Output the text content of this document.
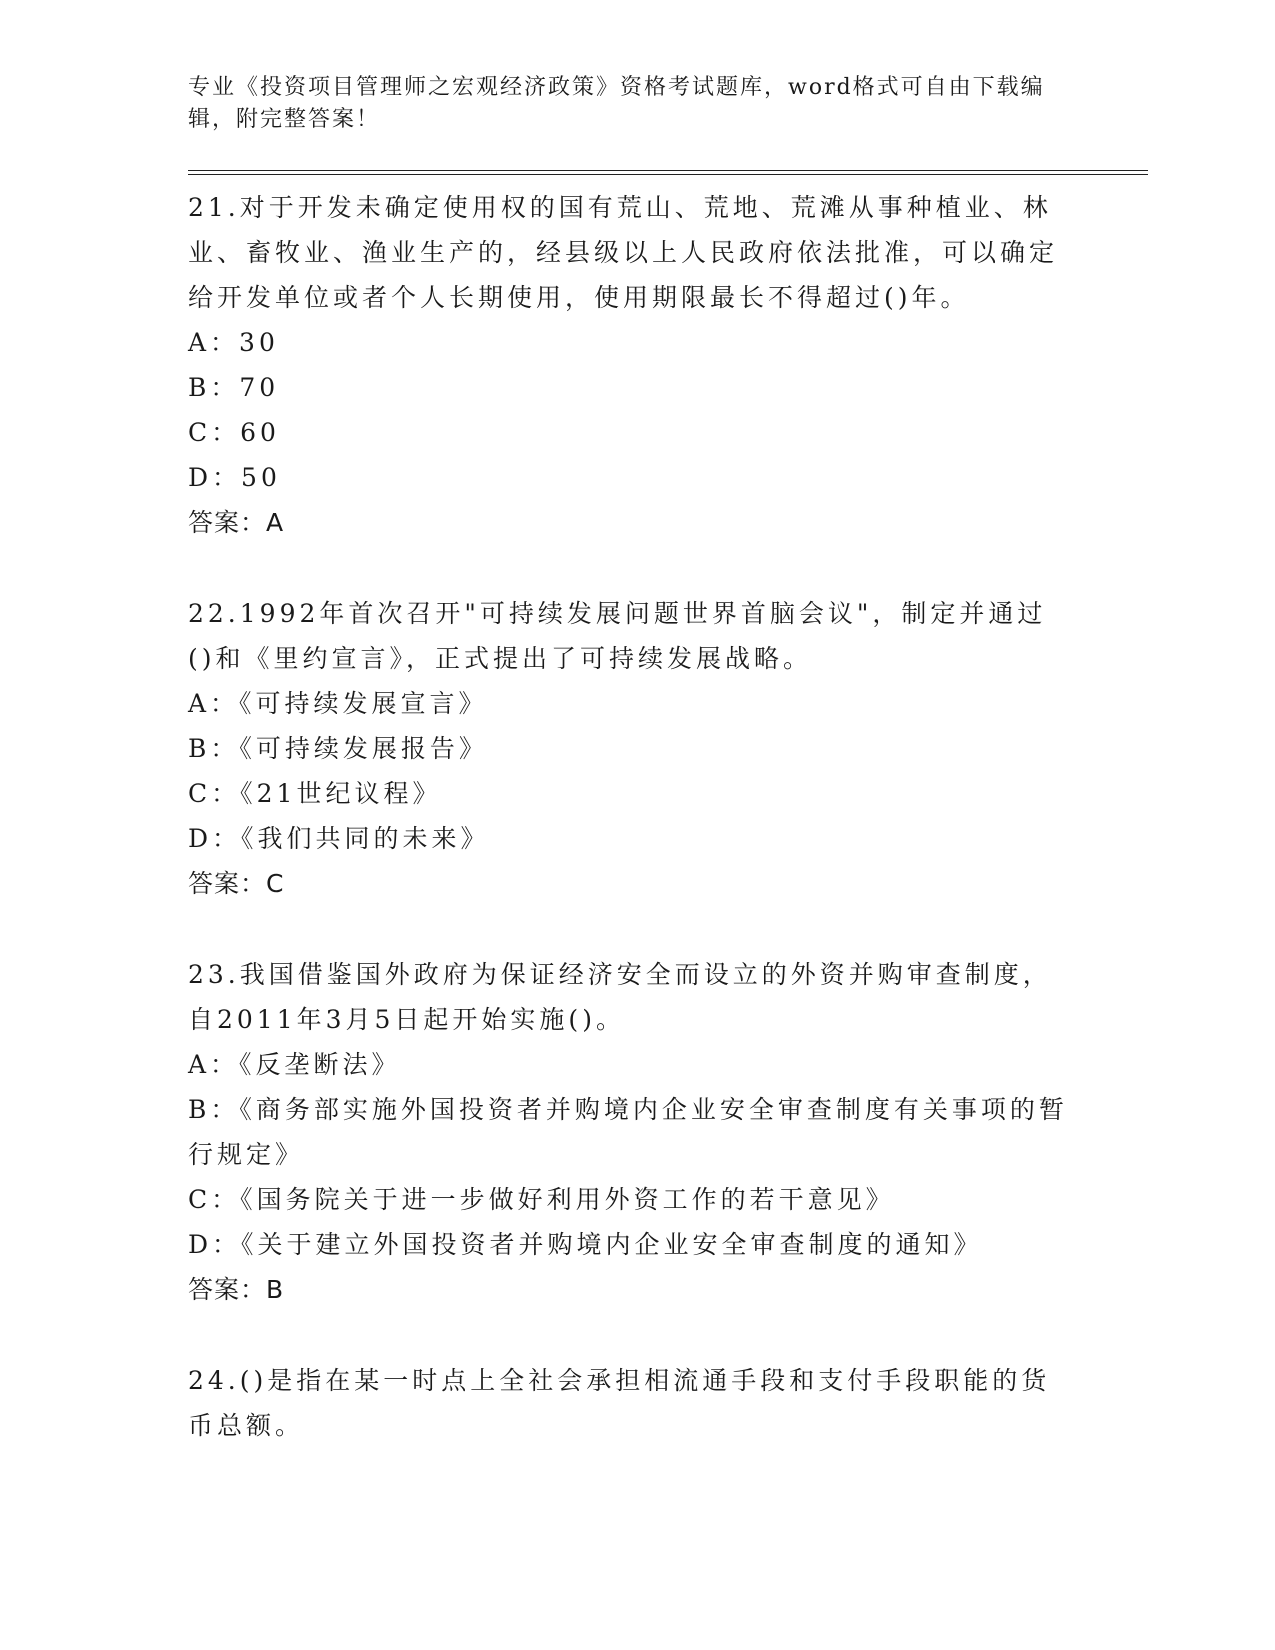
专业《投资项目管理师之宏观经济政策》资格考试题库，word格式可自由下载编辑，附完整答案！
21.对于开发未确定使用权的国有荒山、荒地、荒滩从事种植业、林业、畜牧业、渔业生产的，经县级以上人民政府依法批准，可以确定给开发单位或者个人长期使用，使用期限最长不得超过()年。
A：30
B：70
C：60
D：50
答案：A
22.1992年首次召开"可持续发展问题世界首脑会议"，制定并通过()和《里约宣言》，正式提出了可持续发展战略。
A：《可持续发展宣言》
B：《可持续发展报告》
C：《21世纪议程》
D：《我们共同的未来》
答案：C
23.我国借鉴国外政府为保证经济安全而设立的外资并购审查制度，自2011年3月5日起开始实施()。
A：《反垄断法》
B：《商务部实施外国投资者并购境内企业安全审查制度有关事项的暂行规定》
C：《国务院关于进一步做好利用外资工作的若干意见》
D：《关于建立外国投资者并购境内企业安全审查制度的通知》
答案：B
24.()是指在某一时点上全社会承担相流通手段和支付手段职能的货币总额。
